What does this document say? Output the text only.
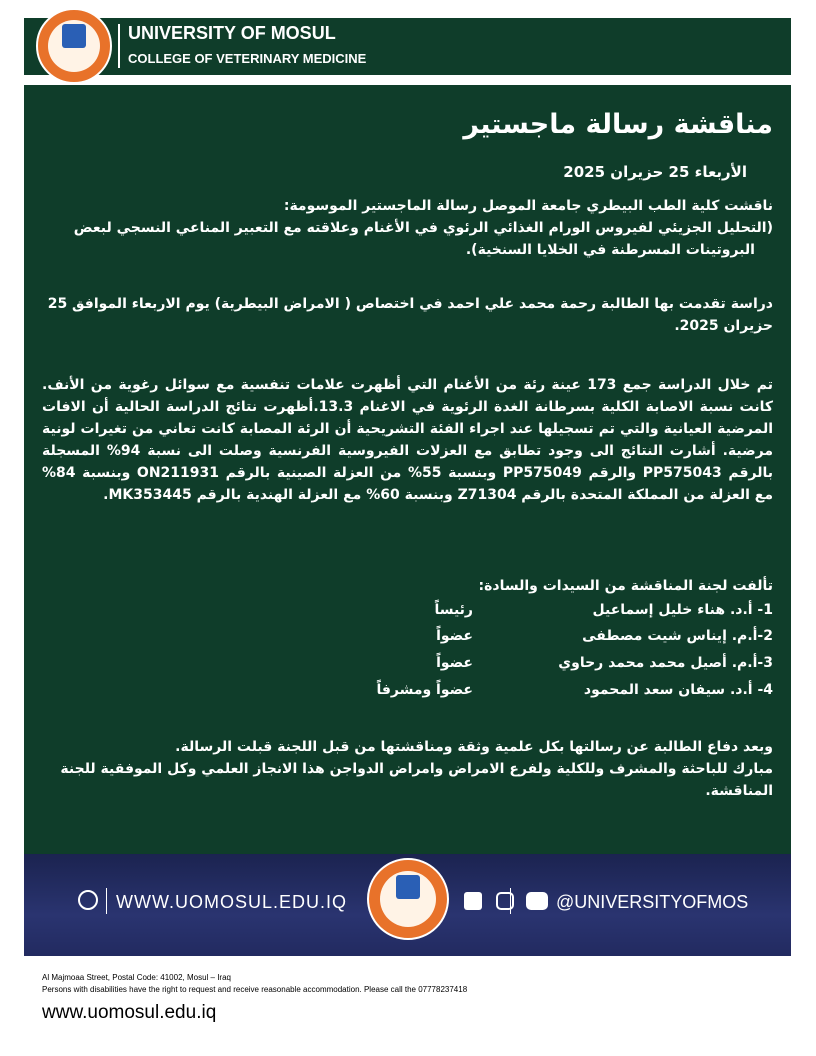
UNIVERSITY OF MOSUL
COLLEGE OF VETERINARY MEDICINE
مناقشة رسالة ماجستير
الأربعاء 25 حزيران 2025
ناقشت كلية الطب البيطري جامعة الموصل رسالة الماجستير الموسومة:
(التحليل الجزيئي لفيروس الورام الغذائي الرئوي في الأغنام وعلاقته مع التعبير المناعي النسجي لبعض
البروتينات المسرطنة في الخلايا السنخية).
دراسة تقدمت بها الطالبة رحمة محمد علي احمد في اختصاص ( الامراض البيطرية) يوم الاربعاء الموافق 25 حزيران 2025.
تم خلال الدراسة جمع 173 عينة رئة من الأغنام التي أظهرت علامات تنفسية مع سوائل رغوية من الأنف. كانت نسبة الاصابة الكلية بسرطانة الغدة الرئوية في الاغنام 13.3.أظهرت نتائج الدراسة الحالية أن الافات المرضية العيانية والتي تم تسجيلها عند اجراء الفئة التشريحية أن الرئة المصابة كانت تعاني من تغيرات لونية مرضية. أشارت النتائج الى وجود تطابق مع العزلات الفيروسية الفرنسية وصلت الى نسبة 94% المسجلة بالرقم PP575043 والرقم PP575049 وبنسبة 55% من العزلة الصينية بالرقم ON211931 وبنسبة 84% مع العزلة من المملكة المتحدة بالرقم Z71304 وبنسبة 60% مع العزلة الهندية بالرقم MK353445.
تألفت لجنة المناقشة من السيدات والسادة:
1- أ.د. هناء خليل إسماعيل
رئيساً
2-أ.م. إيناس شيت مصطفى
عضواً
3-أ.م. أصيل محمد محمد رحاوي
عضواً
4- أ.د. سيفان سعد المحمود
عضواً ومشرفاً
وبعد دفاع الطالبة عن رسالتها بكل علمية وثقة ومناقشتها من قبل اللجنة قبلت الرسالة.
مبارك للباحثة والمشرف وللكلية ولفرع الامراض وامراض الدواجن هذا الانجاز العلمي وكل الموفقية للجنة المناقشة.
WWW.UOMOSUL.EDU.IQ	@UNIVERSITYOFMOS
Al Majmoaa Street, Postal Code: 41002, Mosul – Iraq
Persons with disabilities have the right to request and receive reasonable accommodation. Please call the 07778237418
www.uomosul.edu.iq
